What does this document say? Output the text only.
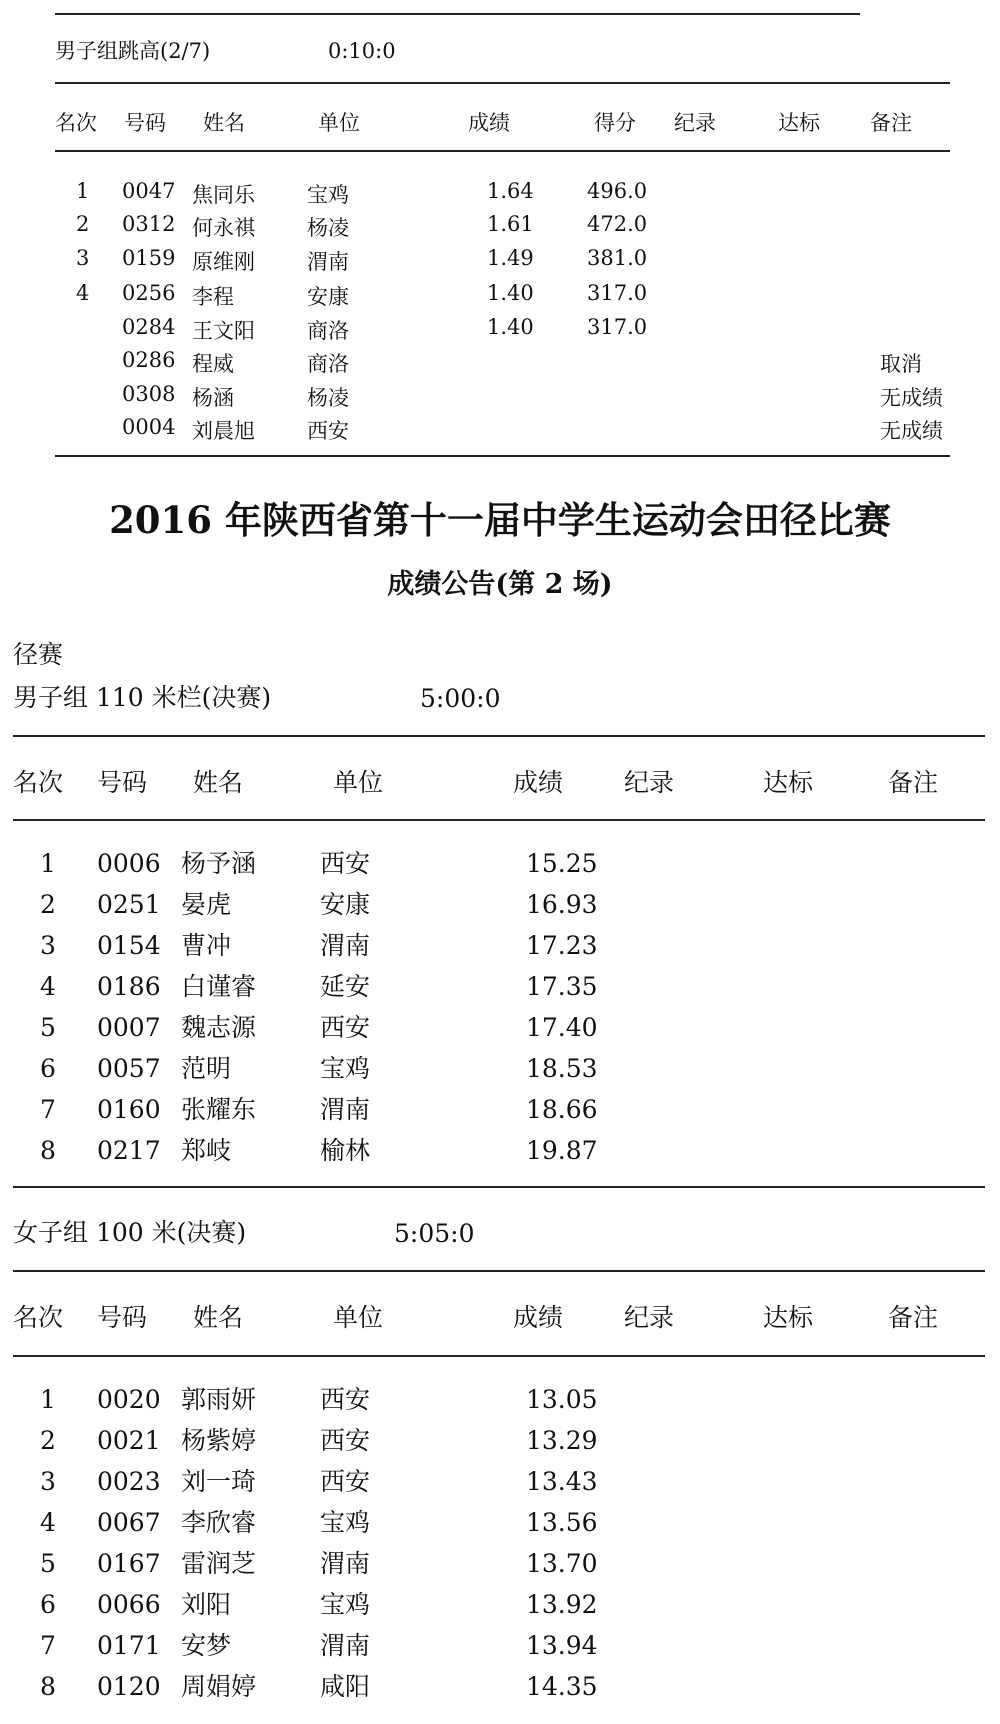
男子组跳高(2/7)	0:10:0
名次 号码 姓名	单位	成绩	得分 纪录	达标 备注
1 0047 焦同乐 宝鸡	1.64	496.0
2 0312 何永祺 杨凌	1.61	472.0
3 0159 原维刚 渭南	1.49	381.0
4 0256 李程	安康	1.40	317.0
0284 王文阳 商洛	1.40	317.0
0286 程威	商洛	取消
0308 杨涵	杨凌	无成绩
0004 刘晨旭 西安	无成绩
2016 年陕西省第十一届中学生运动会田径比赛
成绩公告(第 2 场)
径赛
男子组 110 米栏(决赛)	5:00:0
名次 号码 姓名	单位	成绩 纪录	达标	备注
1 0006 杨予涵	西安	15.25
2 0251 晏虎	安康	16.93
3 0154 曹冲	渭南	17.23
4 0186 白谨睿	延安	17.35
5 0007 魏志源	西安	17.40
6 0057 范明	宝鸡	18.53
7 0160 张耀东	渭南	18.66
8 0217 郑岐	榆林	19.87
女子组 100 米(决赛)	5:05:0
名次 号码 姓名	单位	成绩 纪录	达标	备注
1 0020 郭雨妍	西安	13.05
2 0021 杨紫婷	西安	13.29
3 0023 刘一琦	西安	13.43
4 0067 李欣睿	宝鸡	13.56
5 0167 雷润芝	渭南	13.70
6 0066 刘阳	宝鸡	13.92
7 0171 安梦	渭南	13.94
8 0120 周娟婷	咸阳	14.35
